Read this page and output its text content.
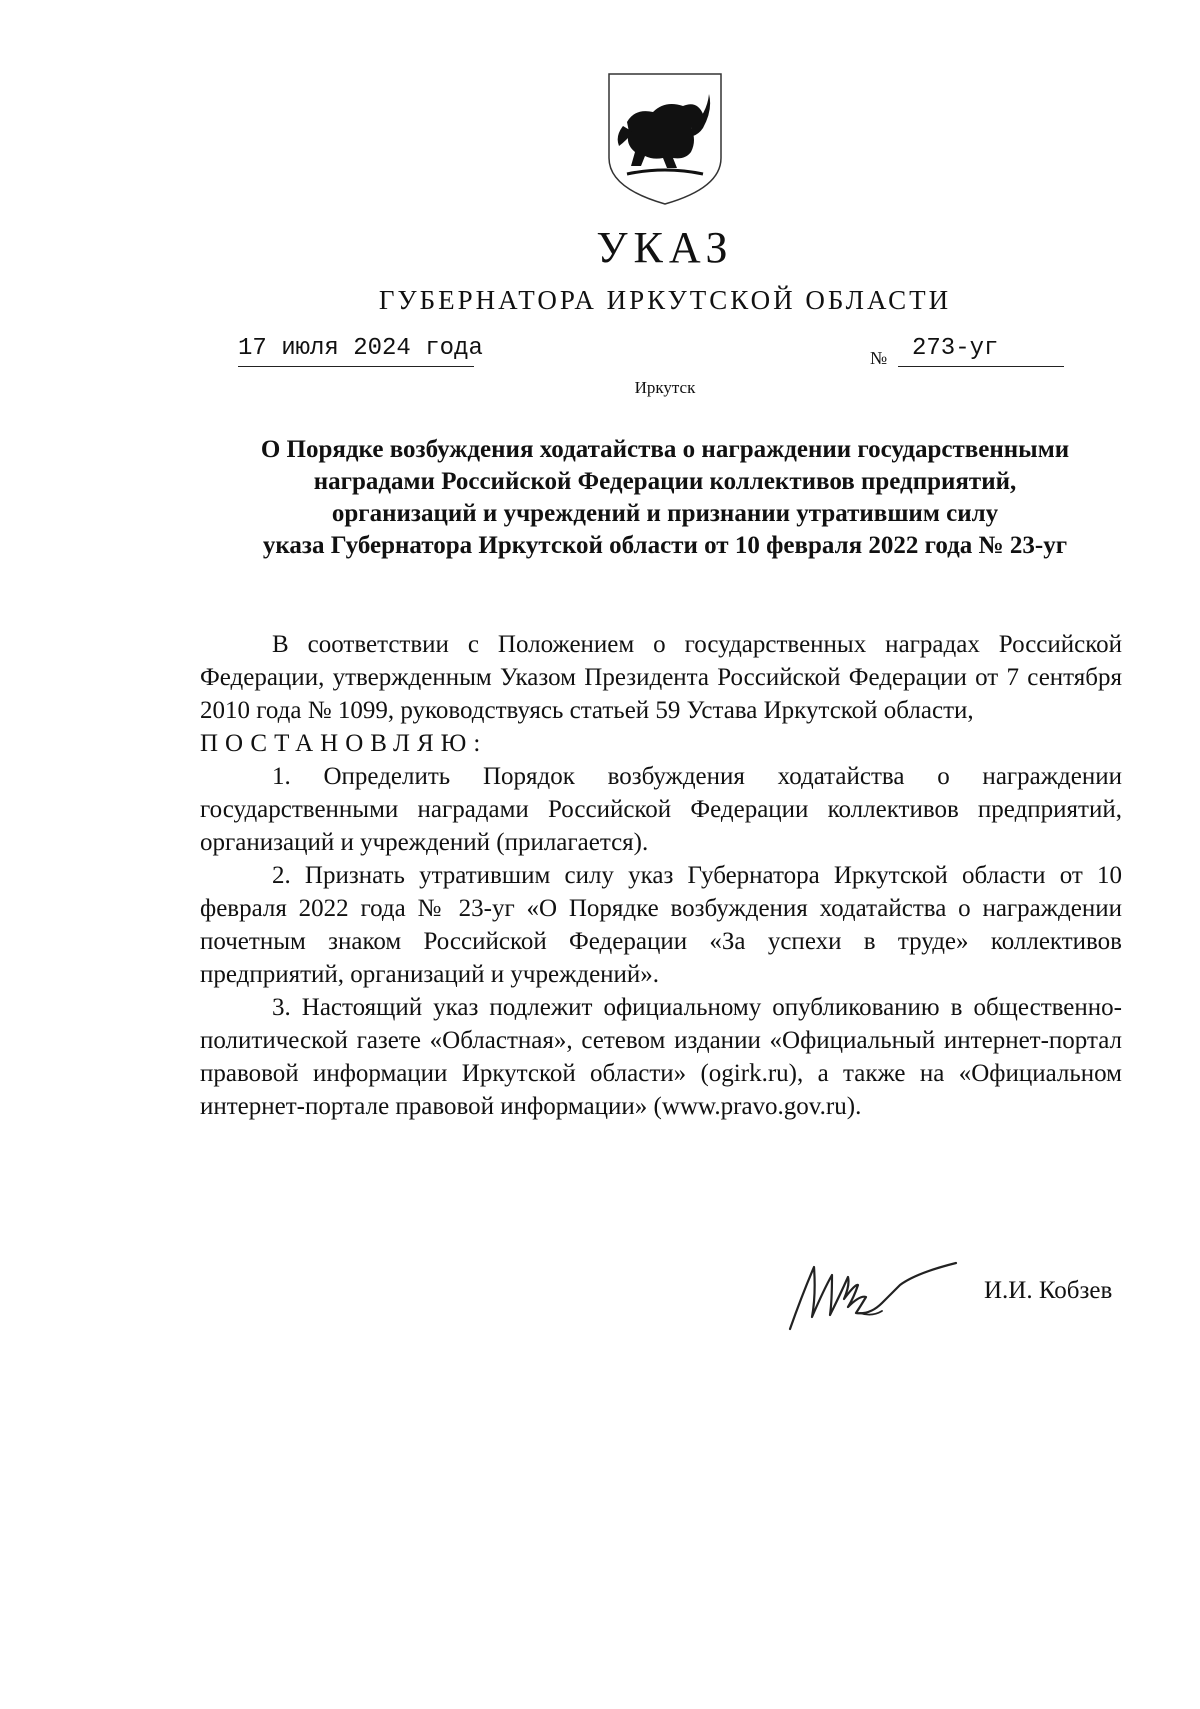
УКАЗ
ГУБЕРНАТОРА ИРКУТСКОЙ ОБЛАСТИ
17 июля 2024 года	№	273-уг
Иркутск
О Порядке возбуждения ходатайства о награждении государственными
наградами Российской Федерации коллективов предприятий,
организаций и учреждений и признании утратившим силу
указа Губернатора Иркутской области от 10 февраля 2022 года № 23-уг

В соответствии с Положением о государственных наградах Российской Федерации, утвержденным Указом Президента Российской Федерации от 7 сентября 2010 года № 1099, руководствуясь статьей 59 Устава Иркутской области,

ПОСТАНОВЛЯЮ:

1. Определить Порядок возбуждения ходатайства о награждении государственными наградами Российской Федерации коллективов предприятий, организаций и учреждений (прилагается).

2. Признать утратившим силу указ Губернатора Иркутской области от 10 февраля 2022 года № 23-уг «О Порядке возбуждения ходатайства о награждении почетным знаком Российской Федерации «За успехи в труде» коллективов предприятий, организаций и учреждений».

3. Настоящий указ подлежит официальному опубликованию в общественно-политической газете «Областная», сетевом издании «Официальный интернет-портал правовой информации Иркутской области» (ogirk.ru), а также на «Официальном интернет-портале правовой информации» (www.pravo.gov.ru).

И.И. Кобзев
